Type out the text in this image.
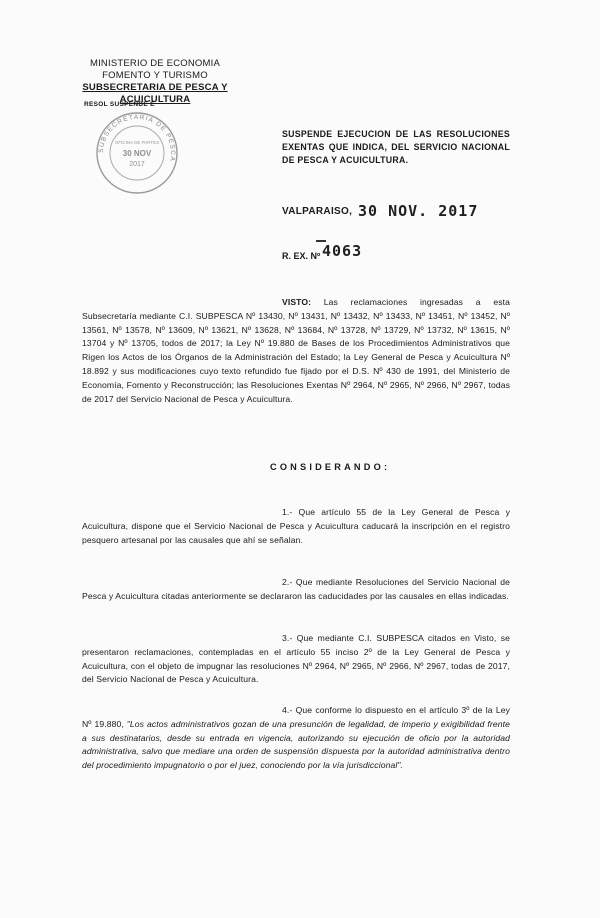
MINISTERIO DE ECONOMIA
FOMENTO Y TURISMO
SUBSECRETARIA DE PESCA Y ACUICULTURA
RESOL SUSPENDE E
SUBSECRETARIA DE PESCA
OFICINA DE PARTES
30 NOV
2017
SUSPENDE EJECUCION DE LAS RESOLUCIONES EXENTAS QUE INDICA, DEL SERVICIO NACIONAL DE PESCA Y ACUICULTURA.
VALPARAISO, 30 NOV. 2017
R. EX. Nº 4063
VISTO: Las reclamaciones ingresadas a esta Subsecretaría mediante C.I. SUBPESCA Nº 13430, Nº 13431, Nº 13432, Nº 13433, Nº 13451, Nº 13452, Nº 13561, Nº 13578, Nº 13609, Nº 13621, Nº 13628, Nº 13684, Nº 13728, Nº 13729, Nº 13732, Nº 13615, Nº 13704 y Nº 13705, todos de 2017; la Ley Nº 19.880 de Bases de los Procedimientos Administrativos que Rigen los Actos de los Órganos de la Administración del Estado; la Ley General de Pesca y Acuicultura Nº 18.892 y sus modificaciones cuyo texto refundido fue fijado por el D.S. Nº 430 de 1991, del Ministerio de Economía, Fomento y Reconstrucción; las Resoluciones Exentas Nº 2964, Nº 2965, Nº 2966, Nº 2967, todas de 2017 del Servicio Nacional de Pesca y Acuicultura.
CONSIDERANDO:
1.- Que artículo 55 de la Ley General de Pesca y Acuicultura, dispone que el Servicio Nacional de Pesca y Acuicultura caducará la inscripción en el registro pesquero artesanal por las causales que ahí se señalan.
2.- Que mediante Resoluciones del Servicio Nacional de Pesca y Acuicultura citadas anteriormente se declararon las caducidades por las causales en ellas indicadas.
3.- Que mediante C.I. SUBPESCA citados en Visto, se presentaron reclamaciones, contempladas en el artículo 55 inciso 2º de la Ley General de Pesca y Acuicultura, con el objeto de impugnar las resoluciones Nº 2964, Nº 2965, Nº 2966, Nº 2967, todas de 2017, del Servicio Nacional de Pesca y Acuicultura.
4.- Que conforme lo dispuesto en el artículo 3º de la Ley Nº 19.880, "Los actos administrativos gozan de una presunción de legalidad, de imperio y exigibilidad frente a sus destinatarios, desde su entrada en vigencia, autorizando su ejecución de oficio por la autoridad administrativa, salvo que mediare una orden de suspensión dispuesta por la autoridad administrativa dentro del procedimiento impugnatorio o por el juez, conociendo por la vía jurisdiccional".
